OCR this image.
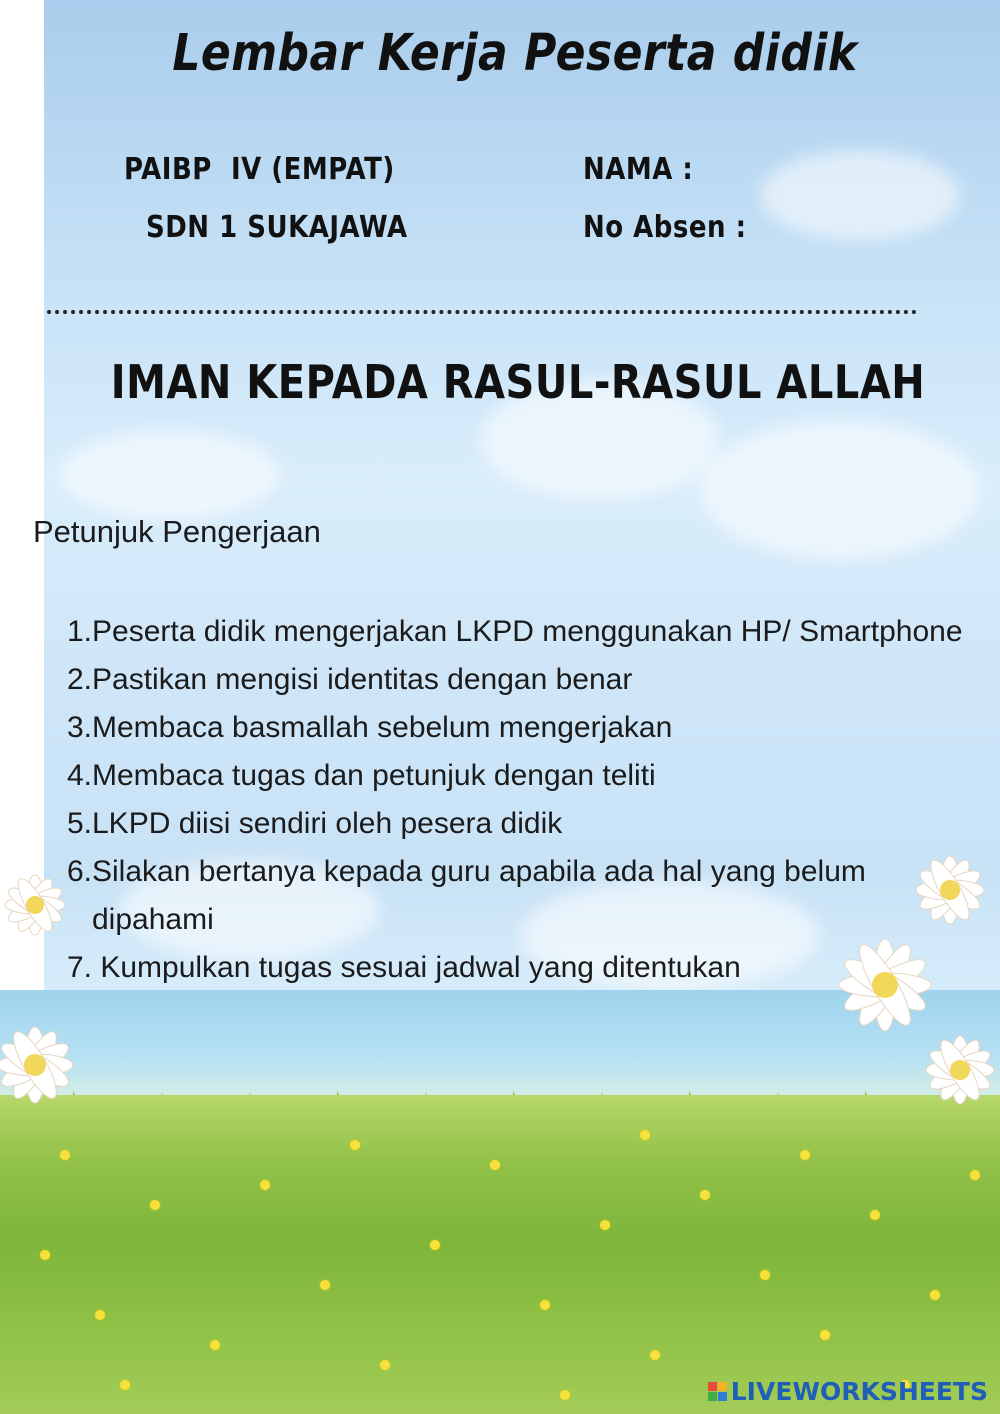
Lembar Kerja Peserta didik
PAIBP  IV (EMPAT)
SDN 1 SUKAJAWA
NAMA :
No Absen :
IMAN KEPADA RASUL-RASUL ALLAH
Petunjuk Pengerjaan
1. Peserta didik mengerjakan LKPD menggunakan HP/ Smartphone
2. Pastikan mengisi identitas dengan benar
3. Membaca basmallah sebelum mengerjakan
4. Membaca tugas dan petunjuk dengan teliti
5. LKPD diisi sendiri oleh pesera didik
6. Silakan bertanya kepada guru apabila ada hal yang belum dipahami
7. Kumpulkan tugas sesuai jadwal yang ditentukan
LIVEWORKSHEETS
